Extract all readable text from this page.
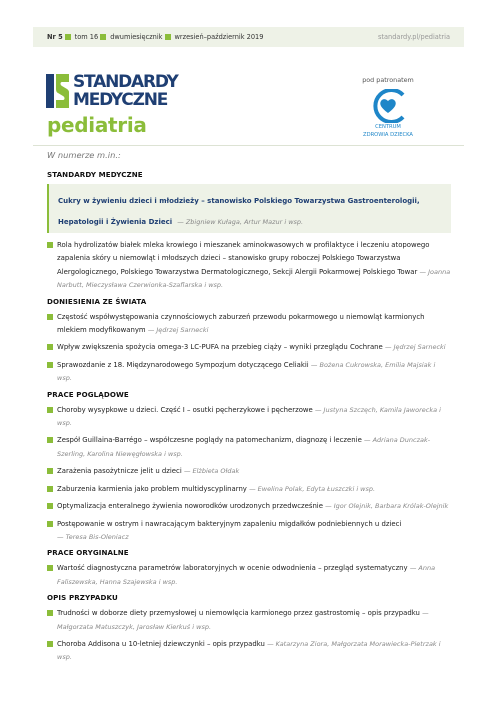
Nr 5 tom 16 dwumiesięcznik wrzesień–październik 2019	standardy.pl/pediatria
STANDARDY
MEDYCZNE
pediatria
pod patronatem
CENTRUM
ZDROWIA DZIECKA
W numerze m.in.:
STANDARDY MEDYCZNE
Cukry w żywieniu dzieci i młodzieży – stanowisko Polskiego Towarzystwa Gastroenterologii, Hepatologii i Żywienia Dzieci — Zbigniew Kułaga, Artur Mazur i wsp.
Rola hydrolizatów białek mleka krowiego i mieszanek aminokwasowych w profilaktyce i leczeniu atopowego zapalenia skóry u niemowląt i młodszych dzieci – stanowisko grupy roboczej Polskiego Towarzystwa Alergologicznego, Polskiego Towarzystwa Dermatologicznego, Sekcji Alergii Pokarmowej Polskiego Towar — Joanna Narbutt, Mieczysława Czerwionka-Szaflarska i wsp.
DONIESIENIA ZE ŚWIATA
Częstość współwystępowania czynnościowych zaburzeń przewodu pokarmowego u niemowląt karmionych mlekiem modyfikowanym — Jędrzej Sarnecki
Wpływ zwiększenia spożycia omega-3 LC-PUFA na przebieg ciąży – wyniki przeglądu Cochrane — Jędrzej Sarnecki
Sprawozdanie z 18. Międzynarodowego Sympozjum dotyczącego Celiakii — Bożena Cukrowska, Emilia Majsiak i wsp.
PRACE POGLĄDOWE
Choroby wysypkowe u dzieci. Część I – osutki pęcherzykowe i pęcherzowe — Justyna Szczęch, Kamila Jaworecka i wsp.
Zespół Guillaina-Barrégo – współczesne poglądy na patomechanizm, diagnozę i leczenie — Adriana Dunczak-Szerling, Karolina Niewęgłowska i wsp.
Zarażenia pasożytnicze jelit u dzieci — Elżbieta Ołdak
Zaburzenia karmienia jako problem multidyscyplinarny — Ewelina Polak, Edyta Łuszczki i wsp.
Optymalizacja enteralnego żywienia noworodków urodzonych przedwcześnie — Igor Olejnik, Barbara Królak-Olejnik
Postępowanie w ostrym i nawracającym bakteryjnym zapaleniu migdałków podniebiennych u dzieci
— Teresa Bis-Oleniacz
PRACE ORYGINALNE
Wartość diagnostyczna parametrów laboratoryjnych w ocenie odwodnienia – przegląd systematyczny — Anna Faliszewska, Hanna Szajewska i wsp.
OPIS PRZYPADKU
Trudności w doborze diety przemysłowej u niemowlęcia karmionego przez gastrostomię – opis przypadku — Małgorzata Matuszczyk, Jarosław Kierkuś i wsp.
Choroba Addisona u 10-letniej dziewczynki – opis przypadku — Katarzyna Ziora, Małgorzata Morawiecka-Pietrzak i wsp.
